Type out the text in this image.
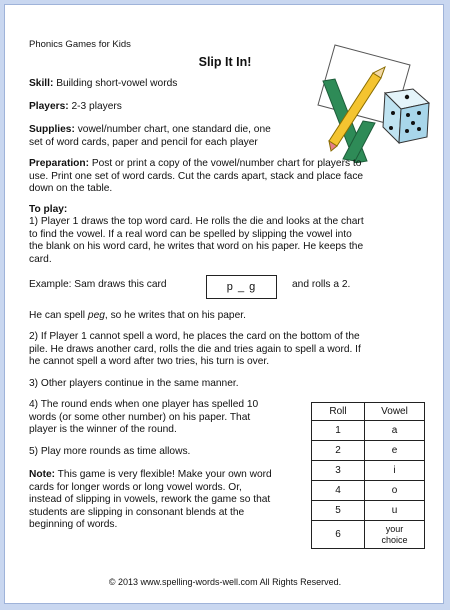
Phonics Games for Kids
Slip It In!
Skill: Building short-vowel words
Players: 2-3 players
Supplies: vowel/number chart, one standard die, one
set of word cards, paper and pencil for each player
Preparation: Post or print a copy of the vowel/number chart for players to
use. Print one set of word cards. Cut the cards apart, stack and place face
down on the table.
To play:
1) Player 1 draws the top word card. He rolls the die and looks at the chart
to find the vowel. If a real word can be spelled by slipping the vowel into
the blank on his word card, he writes that word on his paper. He keeps the
card.
Example: Sam draws this card	p _ g	and rolls a 2.
He can spell peg, so he writes that on his paper.
2) If Player 1 cannot spell a word, he places the card on the bottom of the
pile. He draws another card, rolls the die and tries again to spell a word. If
he cannot spell a word after two tries, his turn is over.
3) Other players continue in the same manner.
4) The round ends when one player has spelled 10
words (or some other number) on his paper. That
player is the winner of the round.
5) Play more rounds as time allows.
Note: This game is very flexible! Make your own word
cards for longer words or long vowel words. Or,
instead of slipping in vowels, rework the game so that
students are slipping in consonant blends at the
beginning of words.
Roll	Vowel
1	a
2	e
3	i
4	o
5	u
6	your choice
© 2013 www.spelling-words-well.com All Rights Reserved.
